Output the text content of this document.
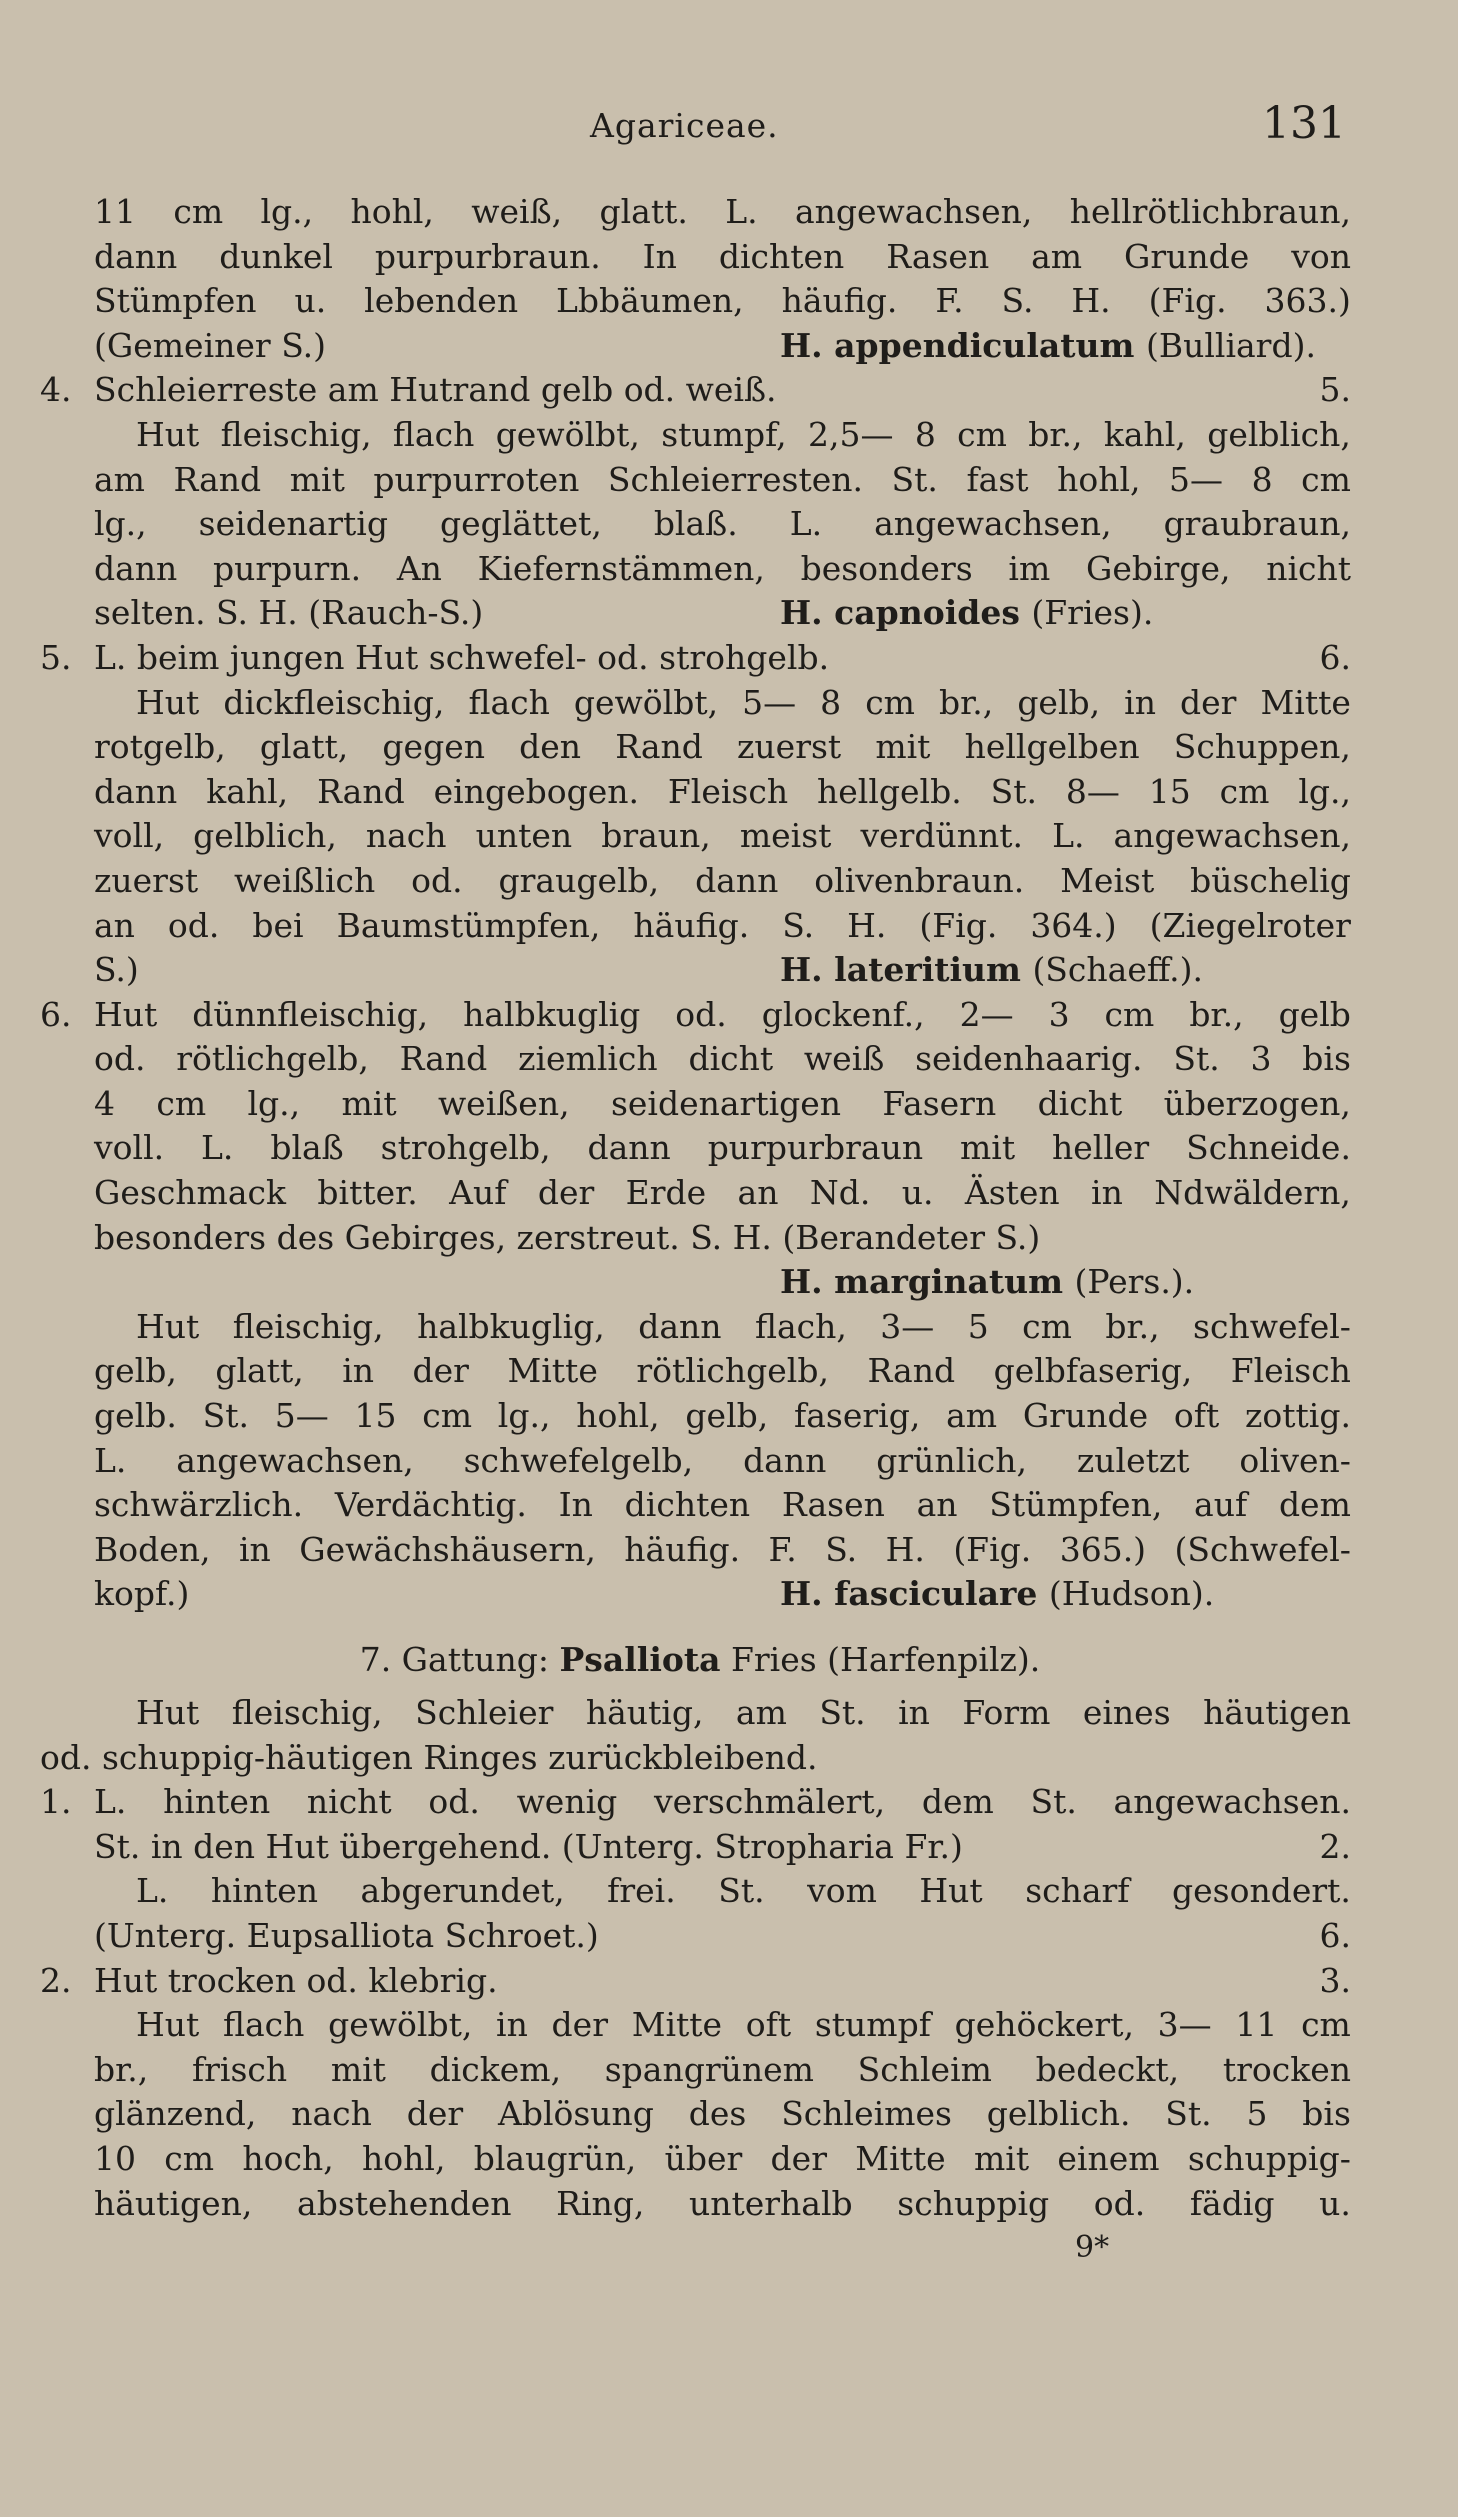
Agariceae.	131
11 cm lg., hohl, weiß, glatt. L. angewachsen, hellrötlichbraun,
dann dunkel purpurbraun. In dichten Rasen am Grunde von
Stümpfen u. lebenden Lbbäumen, häufig. F. S. H. (Fig. 363.)
(Gemeiner S.)	H. appendiculatum (Bulliard).
4. Schleierreste am Hutrand gelb od. weiß.	5.
Hut fleischig, flach gewölbt, stumpf, 2,5— 8 cm br., kahl, gelblich,
am Rand mit purpurroten Schleierresten. St. fast hohl, 5— 8 cm
lg., seidenartig geglättet, blaß. L. angewachsen, graubraun,
dann purpurn. An Kiefernstämmen, besonders im Gebirge, nicht
selten. S. H. (Rauch-S.)	H. capnoides (Fries).
5. L. beim jungen Hut schwefel- od. strohgelb.	6.
Hut dickfleischig, flach gewölbt, 5— 8 cm br., gelb, in der Mitte
rotgelb, glatt, gegen den Rand zuerst mit hellgelben Schuppen,
dann kahl, Rand eingebogen. Fleisch hellgelb. St. 8— 15 cm lg.,
voll, gelblich, nach unten braun, meist verdünnt. L. angewachsen,
zuerst weißlich od. graugelb, dann olivenbraun. Meist büschelig
an od. bei Baumstümpfen, häufig. S. H. (Fig. 364.) (Ziegelroter
S.)	H. lateritium (Schaeff.).
6. Hut dünnfleischig, halbkuglig od. glockenf., 2— 3 cm br., gelb
od. rötlichgelb, Rand ziemlich dicht weiß seidenhaarig. St. 3 bis
4 cm lg., mit weißen, seidenartigen Fasern dicht überzogen,
voll. L. blaß strohgelb, dann purpurbraun mit heller Schneide.
Geschmack bitter. Auf der Erde an Nd. u. Ästen in Ndwäldern,
besonders des Gebirges, zerstreut. S. H. (Berandeter S.)
H. marginatum (Pers.).
Hut fleischig, halbkuglig, dann flach, 3— 5 cm br., schwefel-
gelb, glatt, in der Mitte rötlichgelb, Rand gelbfaserig, Fleisch
gelb. St. 5— 15 cm lg., hohl, gelb, faserig, am Grunde oft zottig.
L. angewachsen, schwefelgelb, dann grünlich, zuletzt oliven-
schwärzlich. Verdächtig. In dichten Rasen an Stümpfen, auf dem
Boden, in Gewächshäusern, häufig. F. S. H. (Fig. 365.) (Schwefel-
kopf.)	H. fasciculare (Hudson).
7. Gattung: Psalliota Fries (Harfenpilz).
Hut fleischig, Schleier häutig, am St. in Form eines häutigen
od. schuppig-häutigen Ringes zurückbleibend.
1. L. hinten nicht od. wenig verschmälert, dem St. angewachsen.
St. in den Hut übergehend. (Unterg. Stropharia Fr.)	2.
L. hinten abgerundet, frei. St. vom Hut scharf gesondert.
(Unterg. Eupsalliota Schroet.)	6.
2. Hut trocken od. klebrig.	3.
Hut flach gewölbt, in der Mitte oft stumpf gehöckert, 3— 11 cm
br., frisch mit dickem, spangrünem Schleim bedeckt, trocken
glänzend, nach der Ablösung des Schleimes gelblich. St. 5 bis
10 cm hoch, hohl, blaugrün, über der Mitte mit einem schuppig-
häutigen, abstehenden Ring, unterhalb schuppig od. fädig u.
9*
